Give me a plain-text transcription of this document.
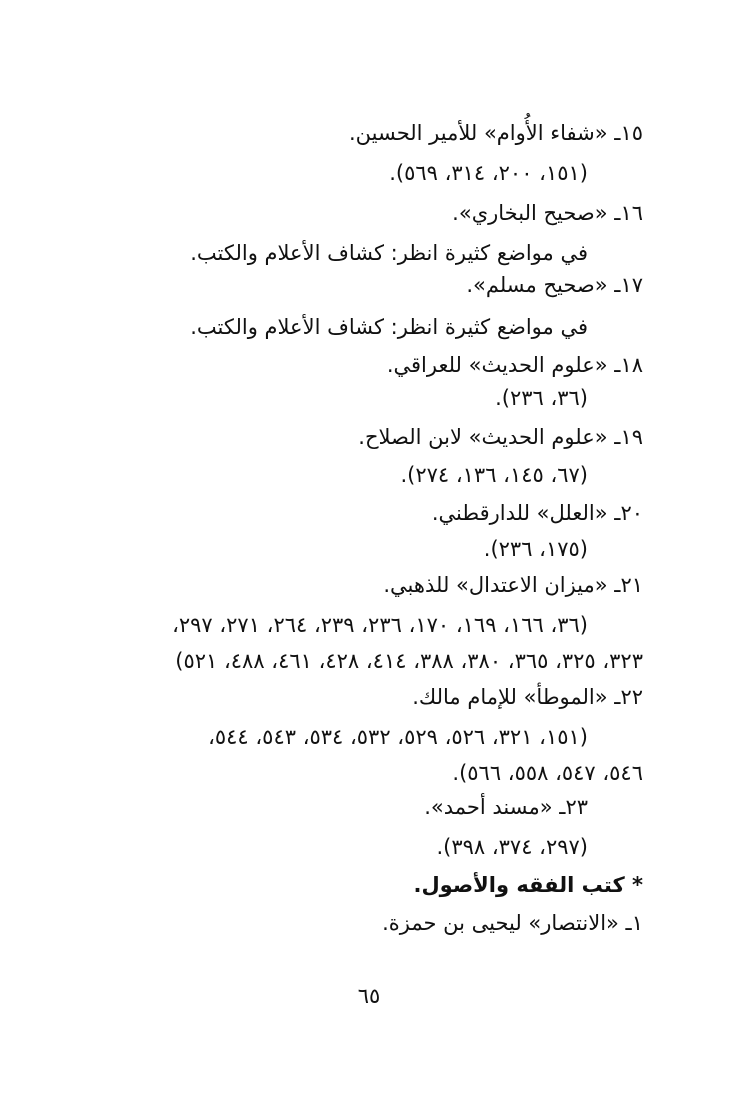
١٥ـ «شفاء الأُوام» للأمير الحسين.
(١٥١، ٢٠٠، ٣١٤، ٥٦٩).
١٦ـ «صحيح البخاري».
في مواضع كثيرة انظر: كشاف الأعلام والكتب.
١٧ـ «صحيح مسلم».
في مواضع كثيرة انظر: كشاف الأعلام والكتب.
١٨ـ «علوم الحديث» للعراقي.
(٣٦، ٢٣٦).
١٩ـ «علوم الحديث» لابن الصلاح.
(٦٧، ١٤٥، ١٣٦، ٢٧٤).
٢٠ـ «العلل» للدارقطني.
(١٧٥، ٢٣٦).
٢١ـ «ميزان الاعتدال» للذهبي.
(٣٦، ١٦٦، ١٦٩، ١٧٠، ٢٣٦، ٢٣٩، ٢٦٤، ٢٧١، ٢٩٧،
٣٢٣، ٣٢٥، ٣٦٥، ٣٨٠، ٣٨٨، ٤١٤، ٤٢٨، ٤٦١، ٤٨٨، ٥٢١)
٢٢ـ «الموطأ» للإمام مالك.
(١٥١، ٣٢١، ٥٢٦، ٥٢٩، ٥٣٢، ٥٣٤، ٥٤٣، ٥٤٤،
٥٤٦، ٥٤٧، ٥٥٨، ٥٦٦).
٢٣ـ «مسند أحمد».
(٢٩٧، ٣٧٤، ٣٩٨).
* كتب الفقه والأصول.
١ـ «الانتصار» ليحيى بن حمزة.
٦٥
